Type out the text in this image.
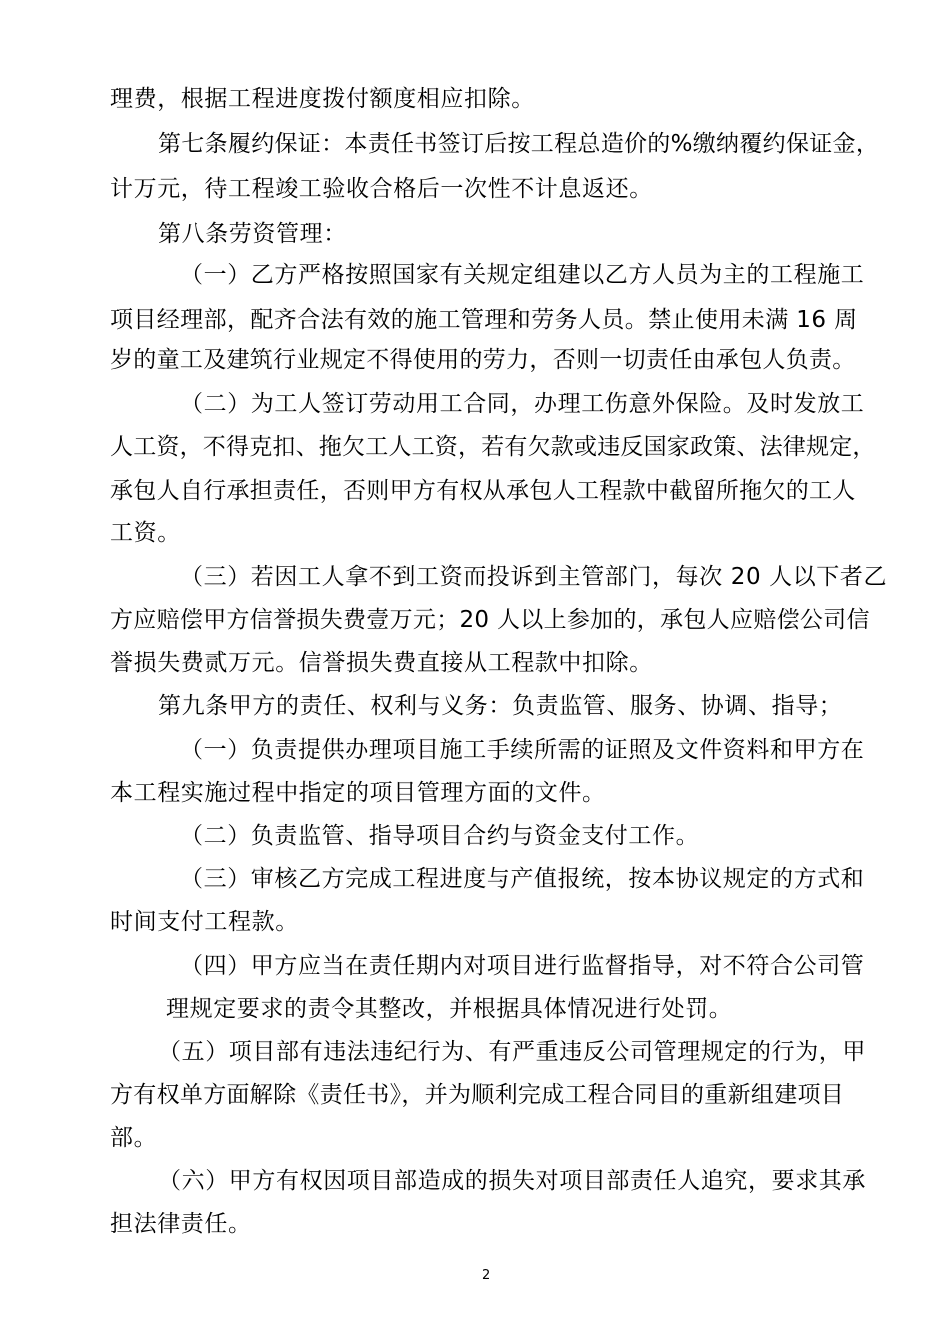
理费，根据工程进度拨付额度相应扣除。
第七条履约保证：本责任书签订后按工程总造价的%缴纳覆约保证金，
计万元，待工程竣工验收合格后一次性不计息返还。
第八条劳资管理：
（一）乙方严格按照国家有关规定组建以乙方人员为主的工程施工
项目经理部，配齐合法有效的施工管理和劳务人员。禁止使用未满 16 周
岁的童工及建筑行业规定不得使用的劳力，否则一切责任由承包人负责。
（二）为工人签订劳动用工合同，办理工伤意外保险。及时发放工
人工资，不得克扣、拖欠工人工资，若有欠款或违反国家政策、法律规定，
承包人自行承担责任，否则甲方有权从承包人工程款中截留所拖欠的工人
工资。
（三）若因工人拿不到工资而投诉到主管部门，每次 20 人以下者乙
方应赔偿甲方信誉损失费壹万元；20 人以上参加的，承包人应赔偿公司信
誉损失费贰万元。信誉损失费直接从工程款中扣除。
第九条甲方的责任、权利与义务：负责监管、服务、协调、指导；
（一）负责提供办理项目施工手续所需的证照及文件资料和甲方在
本工程实施过程中指定的项目管理方面的文件。
（二）负责监管、指导项目合约与资金支付工作。
（三）审核乙方完成工程进度与产值报统，按本协议规定的方式和
时间支付工程款。
（四）甲方应当在责任期内对项目进行监督指导，对不符合公司管
理规定要求的责令其整改，并根据具体情况进行处罚。
（五）项目部有违法违纪行为、有严重违反公司管理规定的行为，甲
方有权单方面解除《责任书》，并为顺利完成工程合同目的重新组建项目
部。
（六）甲方有权因项目部造成的损失对项目部责任人追究，要求其承
担法律责任。
2
